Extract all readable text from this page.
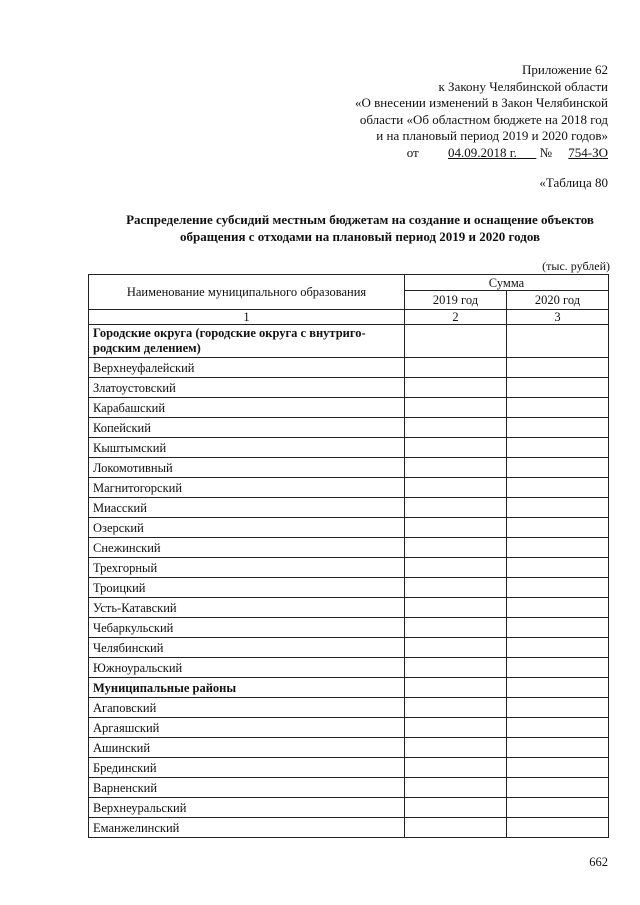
Приложение 62
к Закону Челябинской области
«О внесении изменений в Закон Челябинской
области «Об областном бюджете на 2018 год
и на плановый период 2019 и 2020 годов»
от 04.09.2018 г. № 754-ЗО
«Таблица 80
Распределение субсидий местным бюджетам на создание и оснащение объектов
обращения с отходами на плановый период 2019 и 2020 годов
(тыс. рублей)
Наименование муниципального образования	Сумма	
	2019 год	2020 год
1	2	3

Городские округа (городские округа с внутриго-
родским делением)		

Верхнеуфалейский		
Златоустовский		
Карабашский		
Копейский		
Кыштымский		
Локомотивный		
Магнитогорский		
Миасский		
Озерский		
Снежинский		
Трехгорный		
Троицкий		
Усть-Катавский		
Чебаркульский		
Челябинский		
Южноуральский		
Муниципальные районы		
Агаповский		
Аргаяшский		
Ашинский		
Брединский		
Варненский		
Верхнеуральский		
Еманжелинский		
662
